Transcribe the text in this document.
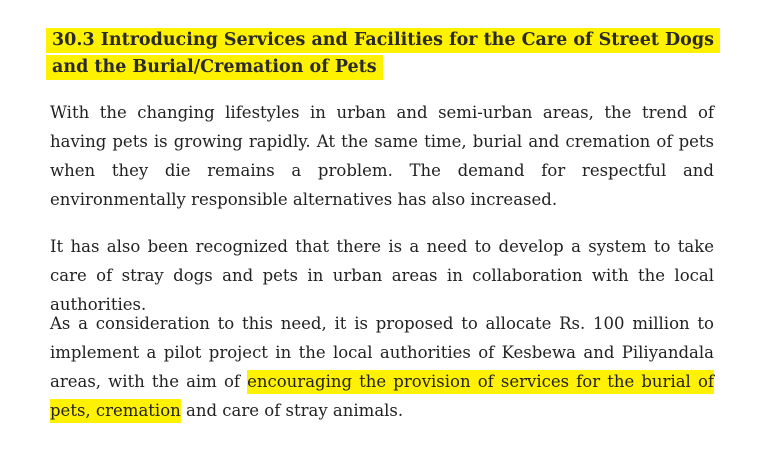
30.3 Introducing Services and Facilities for the Care of Street Dogs and the Burial/Cremation of Pets

With the changing lifestyles in urban and semi-urban areas, the trend of having pets is growing rapidly. At the same time, burial and cremation of pets when they die remains a problem. The demand for respectful and environmentally responsible alternatives has also increased.

It has also been recognized that there is a need to develop a system to take care of stray dogs and pets in urban areas in collaboration with the local authorities.

As a consideration to this need, it is proposed to allocate Rs. 100 million to implement a pilot project in the local authorities of Kesbewa and Piliyandala areas, with the aim of encouraging the provision of services for the burial of pets, cremation and care of stray animals.
